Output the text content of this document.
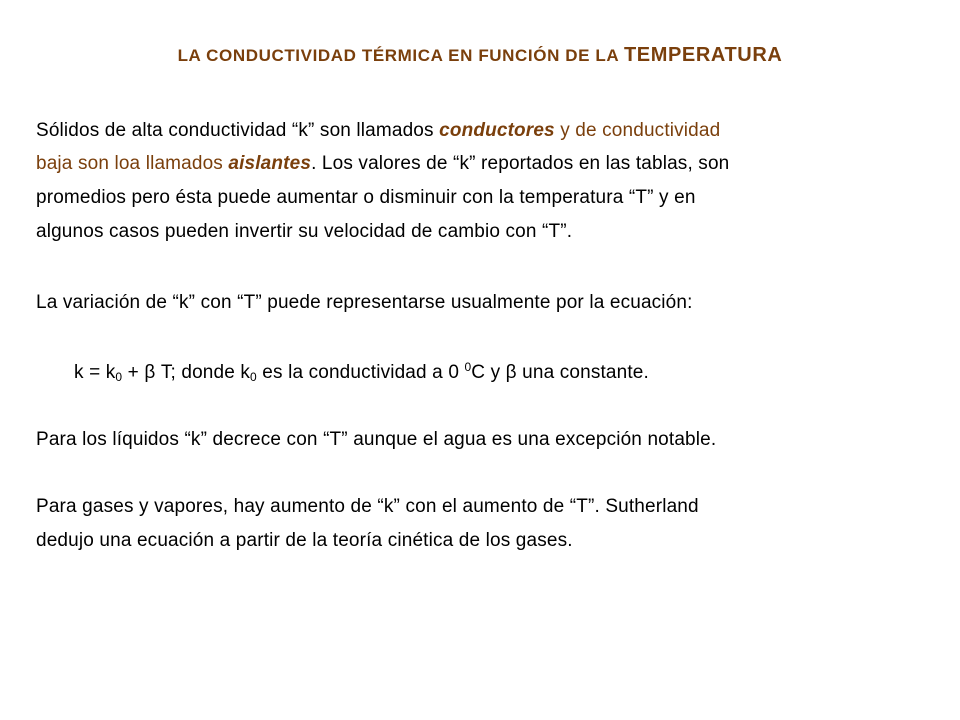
LA CONDUCTIVIDAD TÉRMICA EN FUNCIÓN DE LA TEMPERATURA
Sólidos de alta conductividad “k” son llamados conductores y de conductividad
baja son loa llamados aislantes. Los valores de “k” reportados en las tablas, son
promedios pero ésta puede aumentar o disminuir con la temperatura “T” y en
algunos casos pueden invertir su velocidad de cambio con “T”.
La variación de “k” con “T” puede representarse usualmente por la ecuación:
$k = k_0 + \beta$ T; donde $k_0$ es la conductividad a 0 $^0$C y β una constante.
Para los líquidos “k” decrece con “T” aunque el agua es una excepción notable.
Para gases y vapores, hay aumento de “k” con el aumento de “T”. Sutherland
dedujo una ecuación a partir de la teoría cinética de los gases.
